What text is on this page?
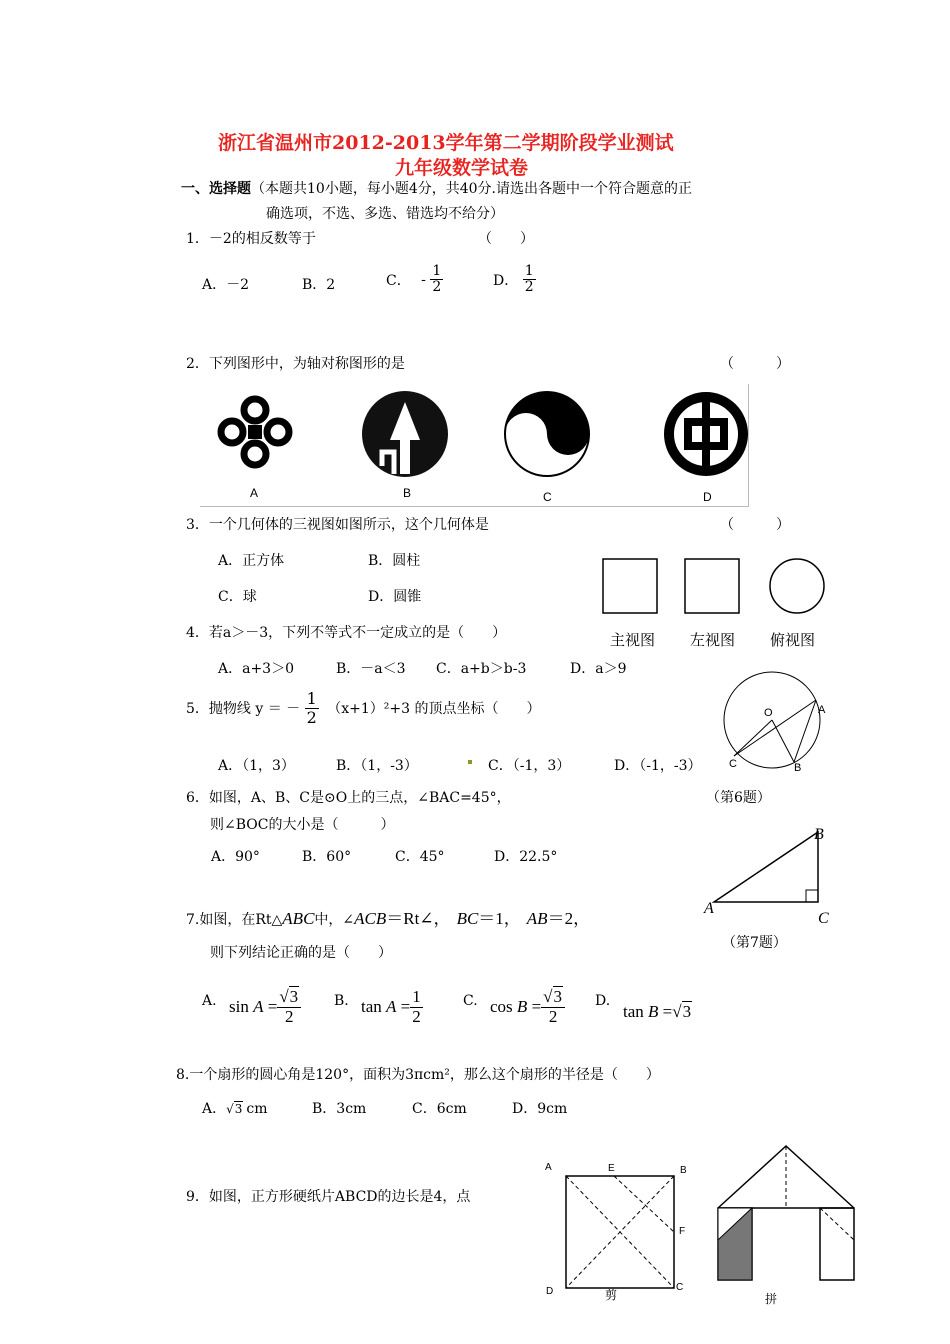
浙江省温州市2012-2013学年第二学期阶段学业测试
九年级数学试卷
一、选择题（本题共10小题，每小题4分，共40分.请选出各题中一个符合题意的正
确选项，不选、多选、错选均不给分）
1．－2的相反数等于	（　　）
A．－2	B．2	C． - $\frac{1}{2}$	D． $\frac{1}{2}$
2．下列图形中，为轴对称图形的是	（　　　）
A	B	C	D
3．一个几何体的三视图如图所示，这个几何体是	（　　　）
A．正方体	B．圆柱
C．球	D．圆锥
主视图 左视图 俯视图
4．若a＞－3，下列不等式不一定成立的是（　　）
A．a+3＞0	B．－a＜3 C．a+b＞b-3	D．a＞9
5．抛物线 y ＝ － $\frac{1}{2} (x+1)^2+3$ 的顶点坐标（　　）
A．（1，3）	B．（1，-3）	C．（-1，3）	D．（-1，-3）
O	A
C	B
6．如图，A、B、C是⊙O上的三点，∠BAC=45°，	（第6题）
则∠BOC的大小是（　　　）
A．90°	B．60°	C．45°	D．22.5°
B
A
C
（第7题）
7.如图，在Rt△ABC中，∠ACB＝Rt∠， BC＝1， AB＝2，
则下列结论正确的是（　　）
A. $\sin A = \frac{√3}{2} B$. $\tan A = \frac{1}{2}$	C. $\cos B = \frac{√3}{2} D$.
tan B =√3
8.一个扇形的圆心角是120°，面积为3πcm²，那么这个扇形的半径是（　　）
A．√3 cm	B．3cm	C．6cm	D．9cm
9．如图，正方形硬纸片ABCD的边长是4，点
A	E	B
F
D	C
剪	拼
